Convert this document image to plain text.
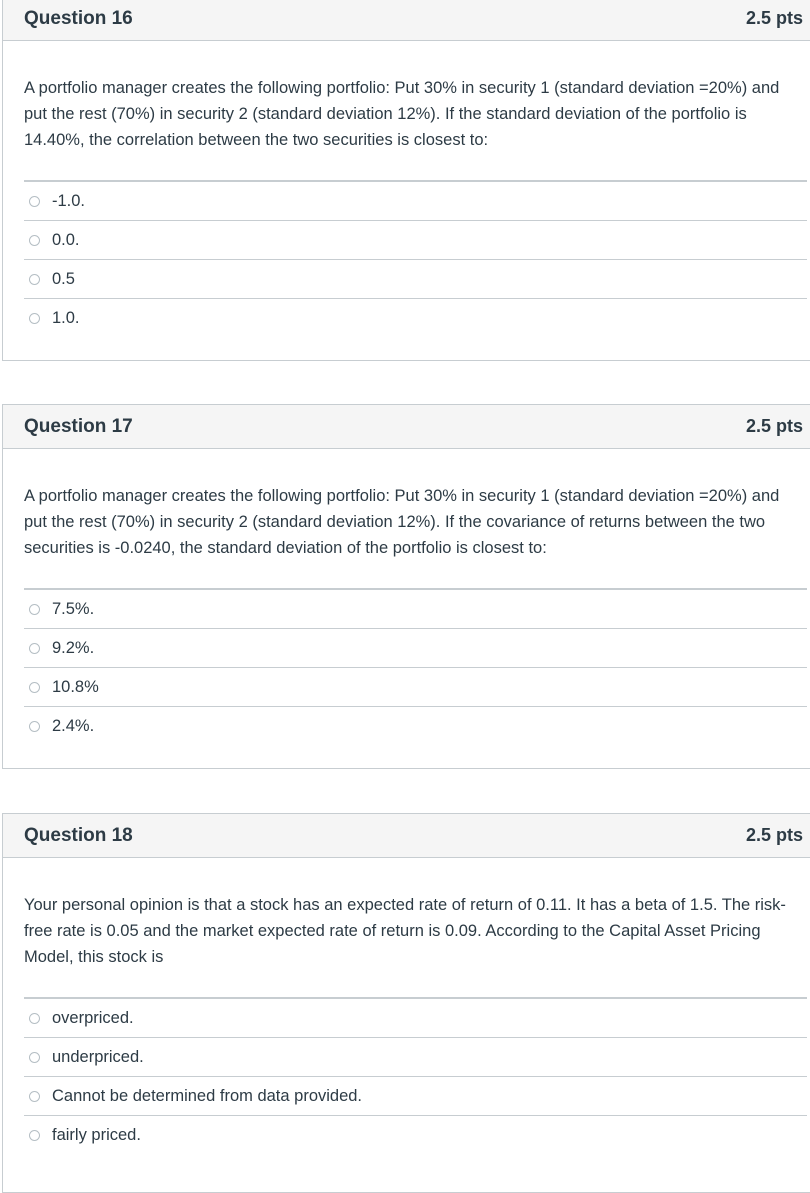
Question 16	2.5 pts

A portfolio manager creates the following portfolio: Put 30% in security 1 (standard deviation =20%) and put the rest (70%) in security 2 (standard deviation 12%). If the standard deviation of the portfolio is 14.40%, the correlation between the two securities is closest to:

-1.0.
0.0.
0.5
1.0.
Question 17	2.5 pts

A portfolio manager creates the following portfolio: Put 30% in security 1 (standard deviation =20%) and put the rest (70%) in security 2 (standard deviation 12%). If the covariance of returns between the two securities is -0.0240, the standard deviation of the portfolio is closest to:

7.5%.
9.2%.
10.8%
2.4%.
Question 18	2.5 pts

Your personal opinion is that a stock has an expected rate of return of 0.11. It has a beta of 1.5. The risk-free rate is 0.05 and the market expected rate of return is 0.09. According to the Capital Asset Pricing Model, this stock is

overpriced.
underpriced.
Cannot be determined from data provided.
fairly priced.
